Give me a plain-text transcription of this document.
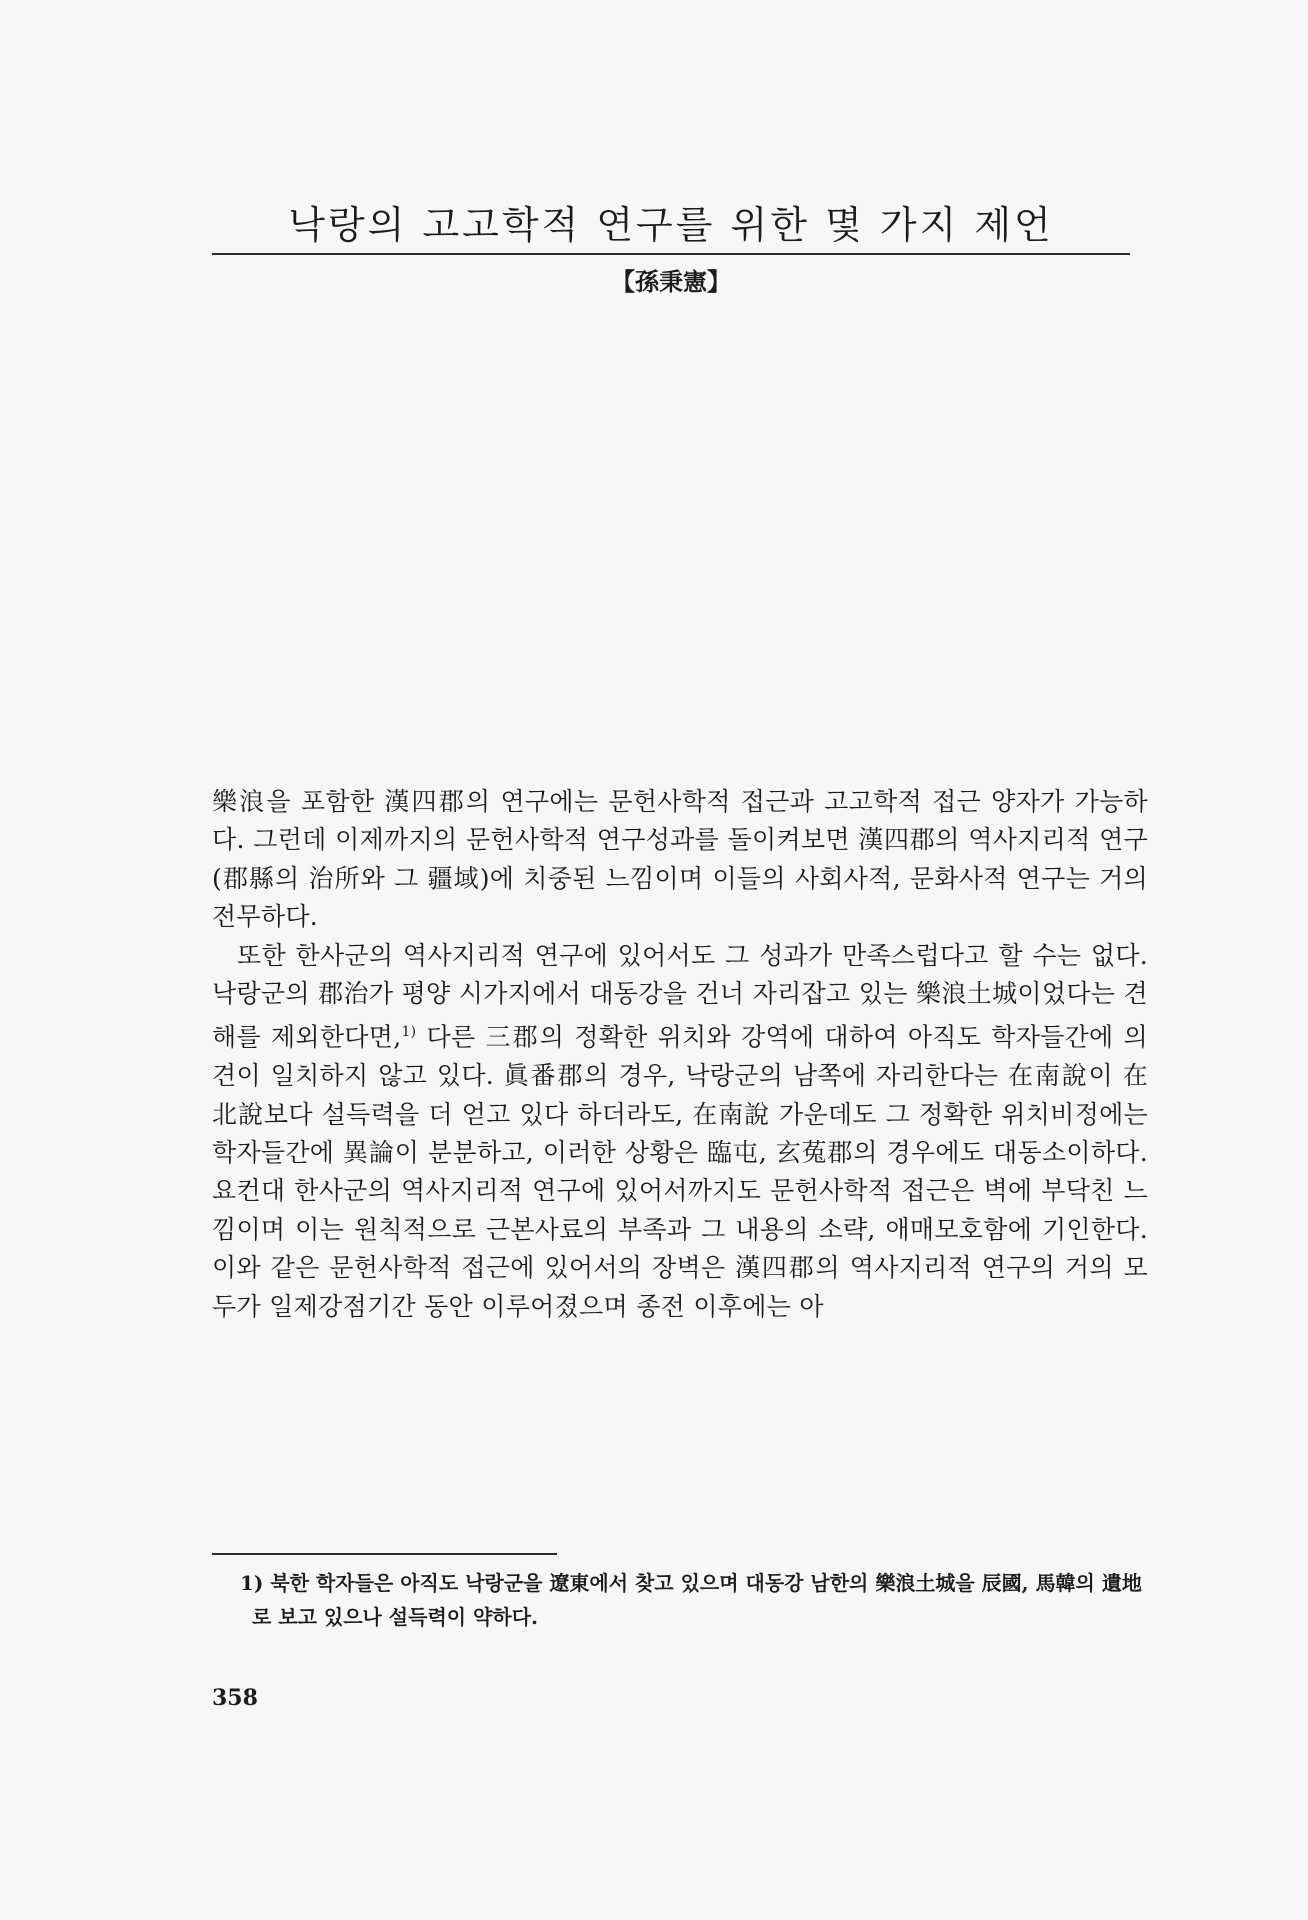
낙랑의 고고학적 연구를 위한 몇 가지 제언
【孫秉憲】

樂浪을 포함한 漢四郡의 연구에는 문헌사학적 접근과 고고학적 접근 양자가 가능하다. 그런데 이제까지의 문헌사학적 연구성과를 돌이켜보면 漢四郡의 역사지리적 연구(郡縣의 治所와 그 疆域)에 치중된 느낌이며 이들의 사회사적, 문화사적 연구는 거의 전무하다.

또한 한사군의 역사지리적 연구에 있어서도 그 성과가 만족스럽다고 할 수는 없다. 낙랑군의 郡治가 평양 시가지에서 대동강을 건너 자리잡고 있는 樂浪土城이었다는 견해를 제외한다면,$^{1)}$ 다른 三郡의 정확한 위치와 강역에 대하여 아직도 학자들간에 의견이 일치하지 않고 있다. 眞番郡의 경우, 낙랑군의 남쪽에 자리한다는 在南說이 在北說보다 설득력을 더 얻고 있다 하더라도, 在南說 가운데도 그 정확한 위치비정에는 학자들간에 異論이 분분하고, 이러한 상황은 臨屯, 玄菟郡의 경우에도 대동소이하다. 요컨대 한사군의 역사지리적 연구에 있어서까지도 문헌사학적 접근은 벽에 부닥친 느낌이며 이는 원칙적으로 근본사료의 부족과 그 내용의 소략, 애매모호함에 기인한다. 이와 같은 문헌사학적 접근에 있어서의 장벽은 漢四郡의 역사지리적 연구의 거의 모두가 일제강점기간 동안 이루어졌으며 종전 이후에는 아

1) 북한 학자들은 아직도 낙랑군을 遼東에서 찾고 있으며 대동강 남한의 樂浪土城을 辰國, 馬韓의 遺地로 보고 있으나 설득력이 약하다.
358
